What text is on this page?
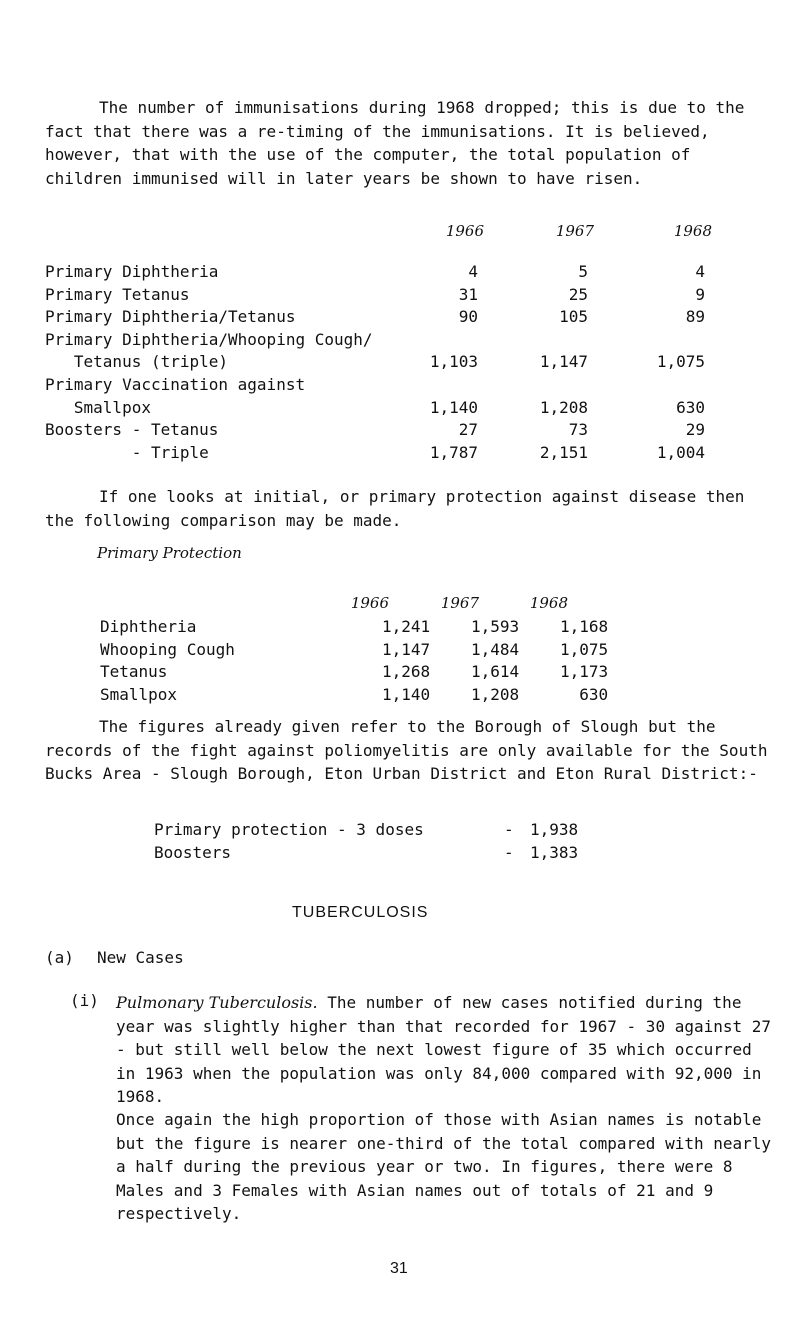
The number of immunisations during 1968 dropped; this is due to the fact that there was a re-timing of the immunisations. It is believed, however, that with the use of the computer, the total population of children immunised will in later years be shown to have risen.

1966	1967	1968
Primary Diphtheria	4	5	4
Primary Tetanus	31	25	9
Primary Diphtheria/Tetanus	90	105	89
Primary Diphtheria/Whooping Cough/			
Tetanus (triple)	1,103	1,147	1,075
Primary Vaccination against			
Smallpox	1,140	1,208	630
Boosters - Tetanus	27	73	29
- Triple	1,787	2,151	1,004

If one looks at initial, or primary protection against disease then the following comparison may be made.

Primary Protection
1966	1967	1968
Diphtheria	1,241	1,593	1,168
Whooping Cough	1,147	1,484	1,075
Tetanus	1,268	1,614	1,173
Smallpox	1,140	1,208	630

The figures already given refer to the Borough of Slough but the records of the fight against poliomyelitis are only available for the South Bucks Area - Slough Borough, Eton Urban District and Eton Rural District:-

Primary protection - 3 doses	-	1,938
Boosters	-	1,383
TUBERCULOSIS
(a) New Cases
(i) Pulmonary Tuberculosis. The number of new cases notified during the year was slightly higher than that recorded for 1967 - 30 against 27 - but still well below the next lowest figure of 35 which occurred in 1963 when the population was only 84,000 compared with 92,000 in 1968.

Once again the high proportion of those with Asian names is notable but the figure is nearer one-third of the total compared with nearly a half during the previous year or two. In figures, there were 8 Males and 3 Females with Asian names out of totals of 21 and 9 respectively.

31
